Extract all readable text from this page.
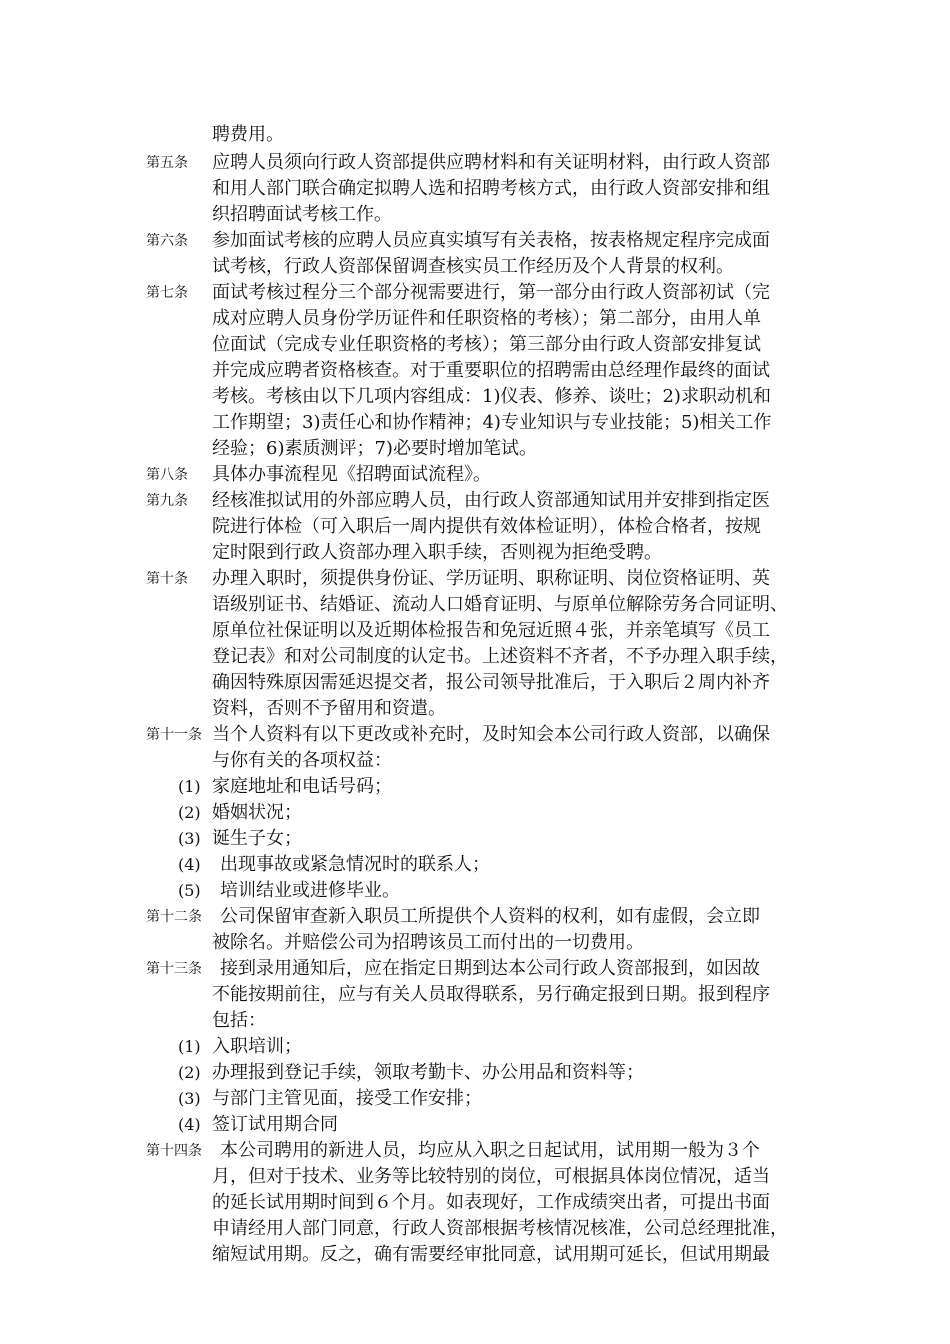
聘费用。
第五条 应聘人员须向行政人资部提供应聘材料和有关证明材料，由行政人资部
和用人部门联合确定拟聘人选和招聘考核方式，由行政人资部安排和组
织招聘面试考核工作。
第六条 参加面试考核的应聘人员应真实填写有关表格，按表格规定程序完成面
试考核，行政人资部保留调查核实员工作经历及个人背景的权利。
第七条 面试考核过程分三个部分视需要进行，第一部分由行政人资部初试（完
成对应聘人员身份学历证件和任职资格的考核）；第二部分，由用人单
位面试（完成专业任职资格的考核）；第三部分由行政人资部安排复试
并完成应聘者资格核查。对于重要职位的招聘需由总经理作最终的面试
考核。考核由以下几项内容组成：1)仪表、修养、谈吐；2)求职动机和
工作期望；3)责任心和协作精神；4)专业知识与专业技能；5)相关工作
经验；6)素质测评；7)必要时增加笔试。
第八条 具体办事流程见《招聘面试流程》。
第九条 经核准拟试用的外部应聘人员，由行政人资部通知试用并安排到指定医
院进行体检（可入职后一周内提供有效体检证明），体检合格者，按规
定时限到行政人资部办理入职手续，否则视为拒绝受聘。
第十条 办理入职时，须提供身份证、学历证明、职称证明、岗位资格证明、英
语级别证书、结婚证、流动人口婚育证明、与原单位解除劳务合同证明、
原单位社保证明以及近期体检报告和免冠近照４张，并亲笔填写《员工
登记表》和对公司制度的认定书。上述资料不齐者，不予办理入职手续，
确因特殊原因需延迟提交者，报公司领导批准后，于入职后２周内补齐
资料，否则不予留用和资遣。
第十一条 当个人资料有以下更改或补充时，及时知会本公司行政人资部，以确保
与你有关的各项权益：
(1) 家庭地址和电话号码；
(2) 婚姻状况；
(3) 诞生子女；
(4) 出现事故或紧急情况时的联系人；
(5) 培训结业或进修毕业。
第十二条 公司保留审查新入职员工所提供个人资料的权利，如有虚假，会立即
被除名。并赔偿公司为招聘该员工而付出的一切费用。
第十三条 接到录用通知后，应在指定日期到达本公司行政人资部报到，如因故
不能按期前往，应与有关人员取得联系，另行确定报到日期。报到程序
包括：
(1) 入职培训；
(2) 办理报到登记手续，领取考勤卡、办公用品和资料等；
(3) 与部门主管见面，接受工作安排；
(4) 签订试用期合同
第十四条 本公司聘用的新进人员，均应从入职之日起试用，试用期一般为３个
月，但对于技术、业务等比较特别的岗位，可根据具体岗位情况，适当
的延长试用期时间到６个月。如表现好，工作成绩突出者，可提出书面
申请经用人部门同意，行政人资部根据考核情况核准，公司总经理批准，
缩短试用期。反之，确有需要经审批同意，试用期可延长，但试用期最
